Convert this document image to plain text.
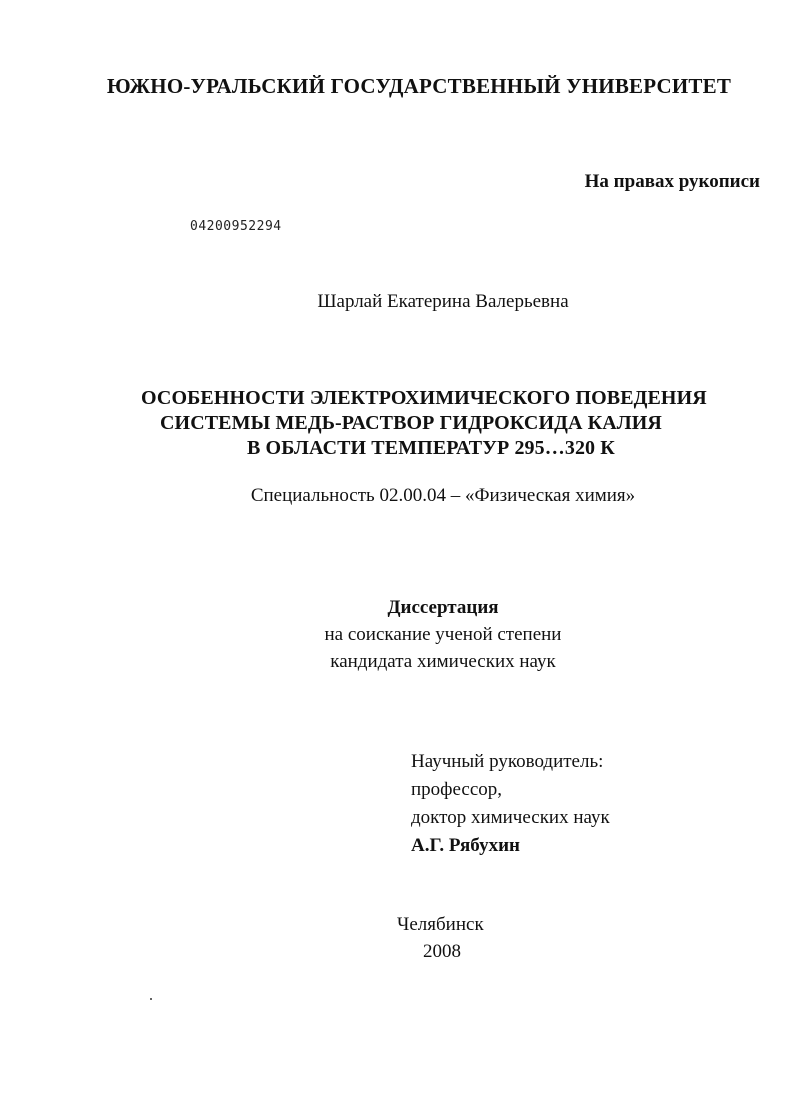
ЮЖНО-УРАЛЬСКИЙ ГОСУДАРСТВЕННЫЙ УНИВЕРСИТЕТ
На правах рукописи
04200952294
Шарлай Екатерина Валерьевна
ОСОБЕННОСТИ ЭЛЕКТРОХИМИЧЕСКОГО ПОВЕДЕНИЯ
СИСТЕМЫ МЕДЬ-РАСТВОР ГИДРОКСИДА КАЛИЯ
В ОБЛАСТИ ТЕМПЕРАТУР 295…320 К
Специальность 02.00.04 – «Физическая химия»
Диссертация
на соискание ученой степени
кандидата химических наук
Научный руководитель:
профессор,
доктор химических наук
А.Г. Рябухин
Челябинск
2008
